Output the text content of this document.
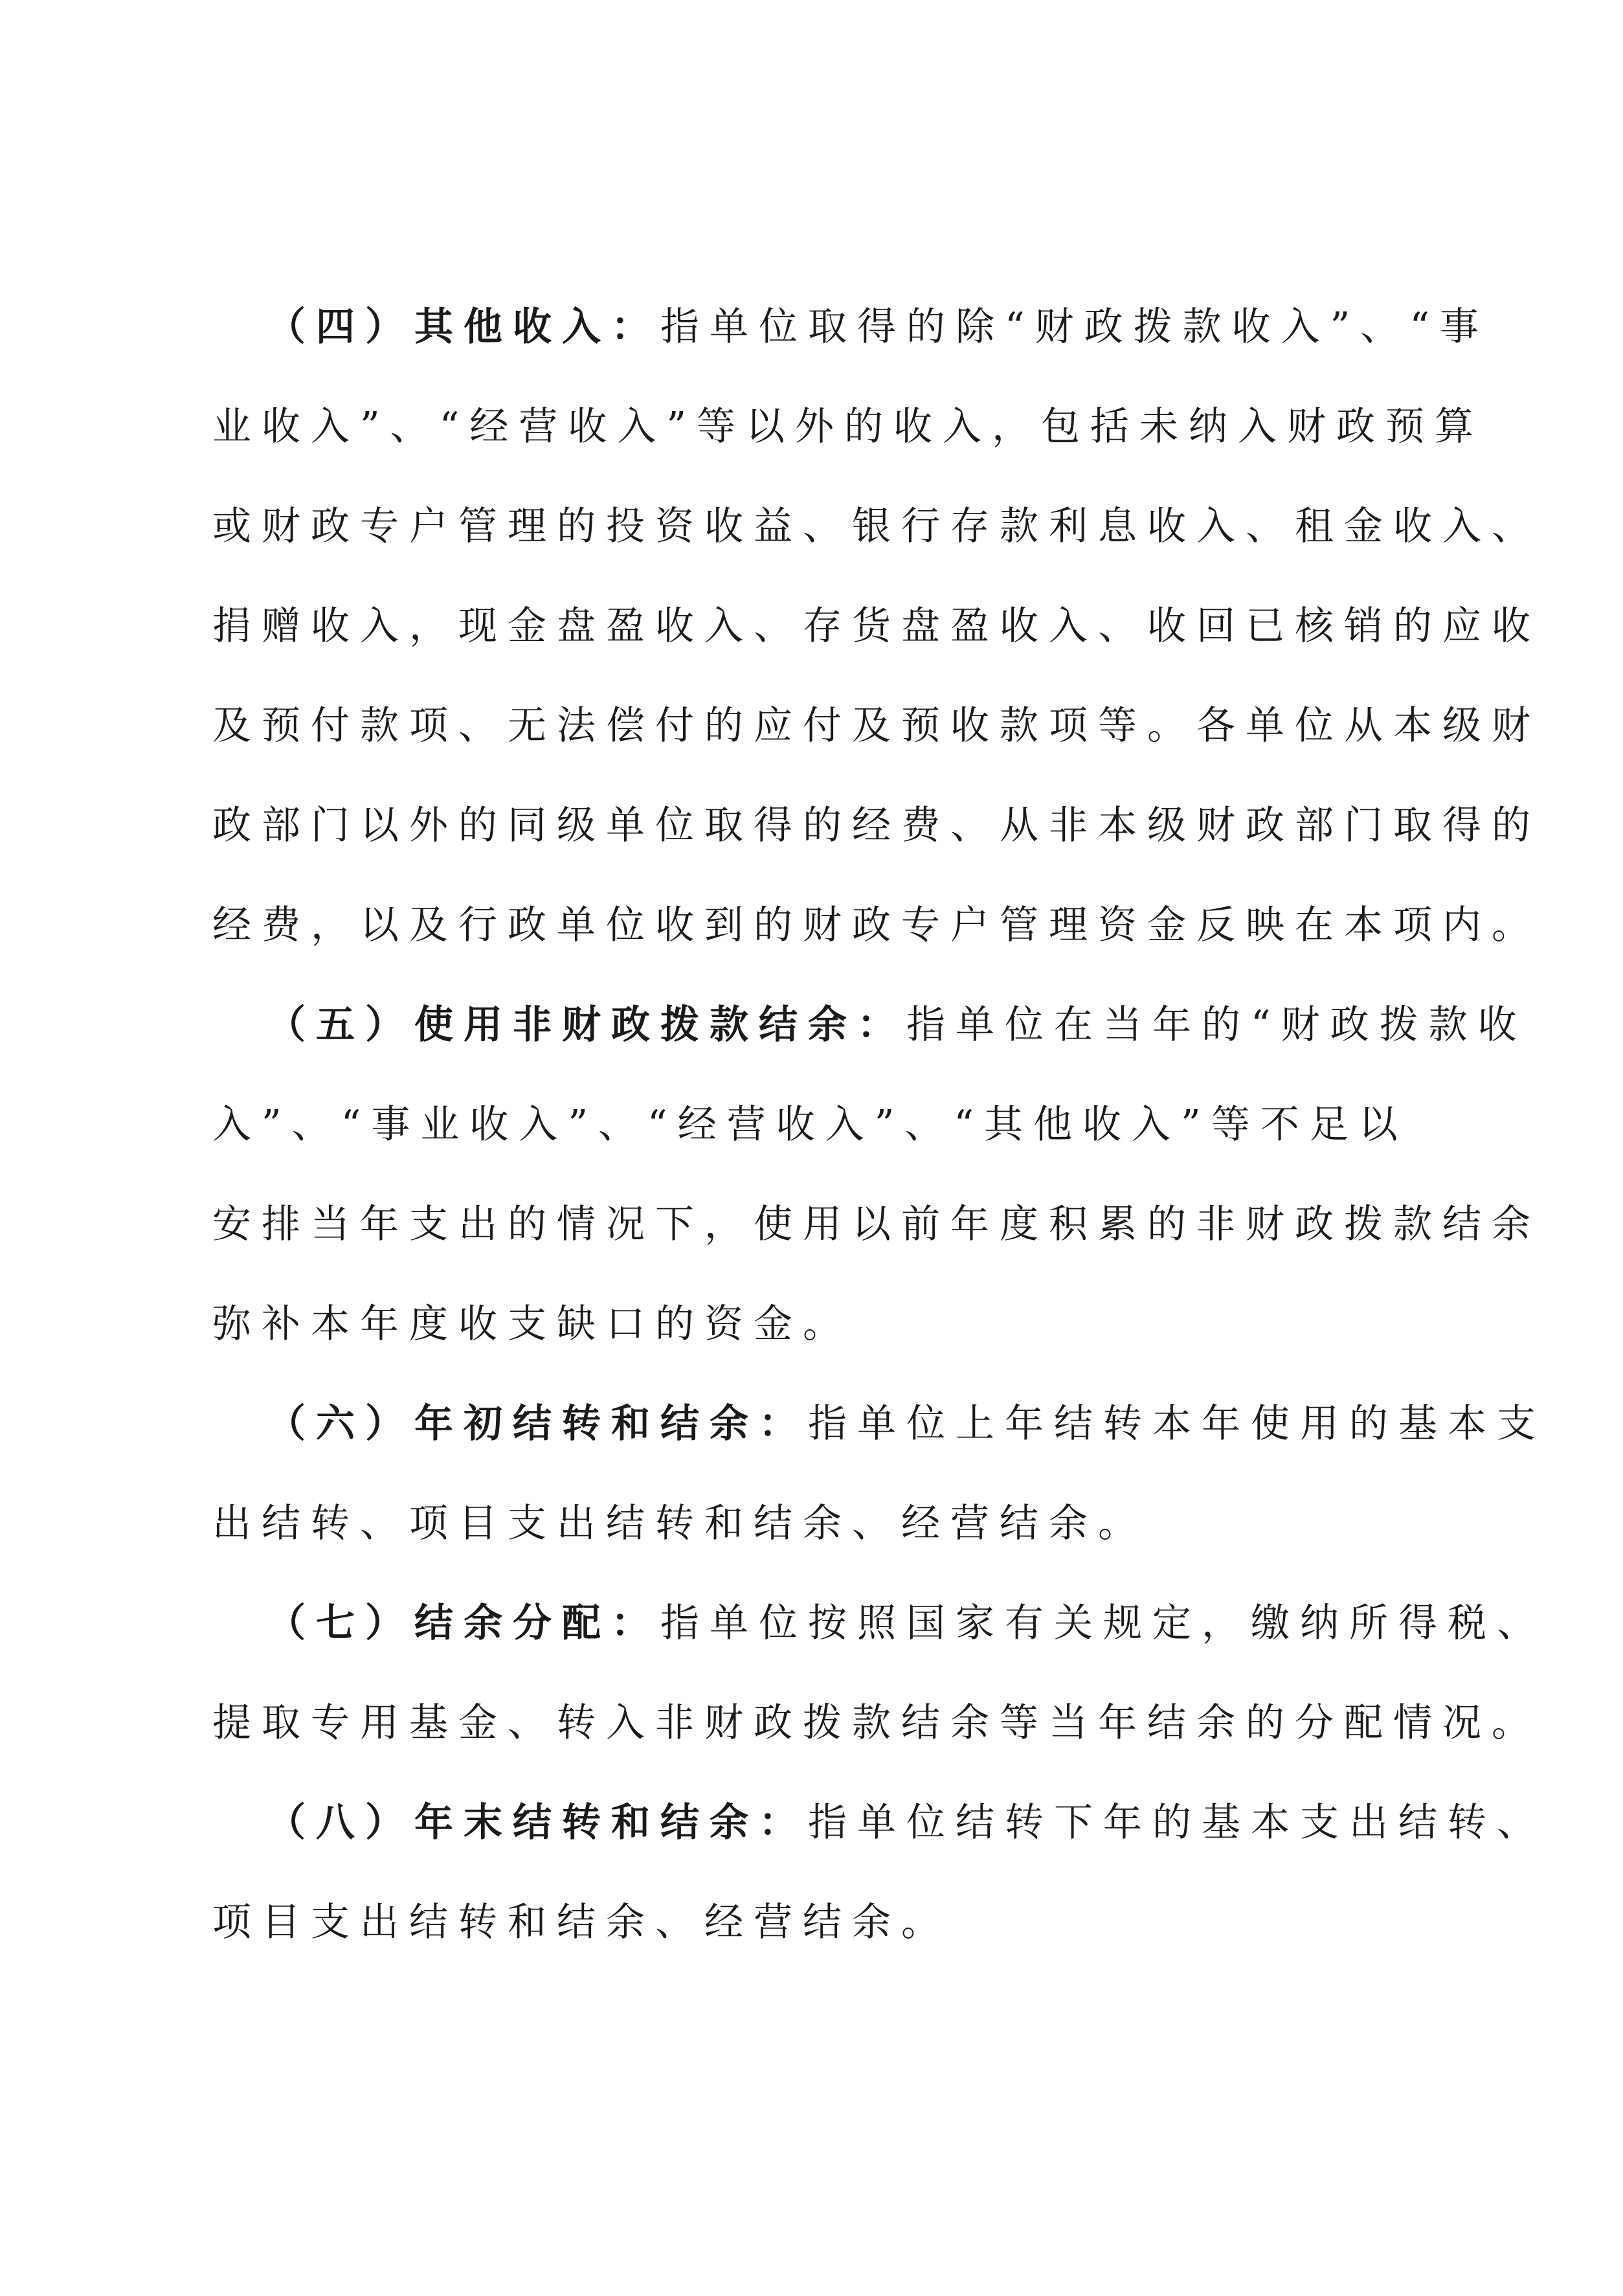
（四）其他收入：指单位取得的除“财政拨款收入”、“事
业收入”、“经营收入”等以外的收入，包括未纳入财政预算
或财政专户管理的投资收益、银行存款利息收入、租金收入、
捐赠收入，现金盘盈收入、存货盘盈收入、收回已核销的应收
及预付款项、无法偿付的应付及预收款项等。各单位从本级财
政部门以外的同级单位取得的经费、从非本级财政部门取得的
经费，以及行政单位收到的财政专户管理资金反映在本项内。
（五）使用非财政拨款结余：指单位在当年的“财政拨款收
入”、“事业收入”、“经营收入”、“其他收入”等不足以
安排当年支出的情况下，使用以前年度积累的非财政拨款结余
弥补本年度收支缺口的资金。
（六）年初结转和结余：指单位上年结转本年使用的基本支
出结转、项目支出结转和结余、经营结余。
（七）结余分配：指单位按照国家有关规定，缴纳所得税、
提取专用基金、转入非财政拨款结余等当年结余的分配情况。
（八）年末结转和结余：指单位结转下年的基本支出结转、
项目支出结转和结余、经营结余。
